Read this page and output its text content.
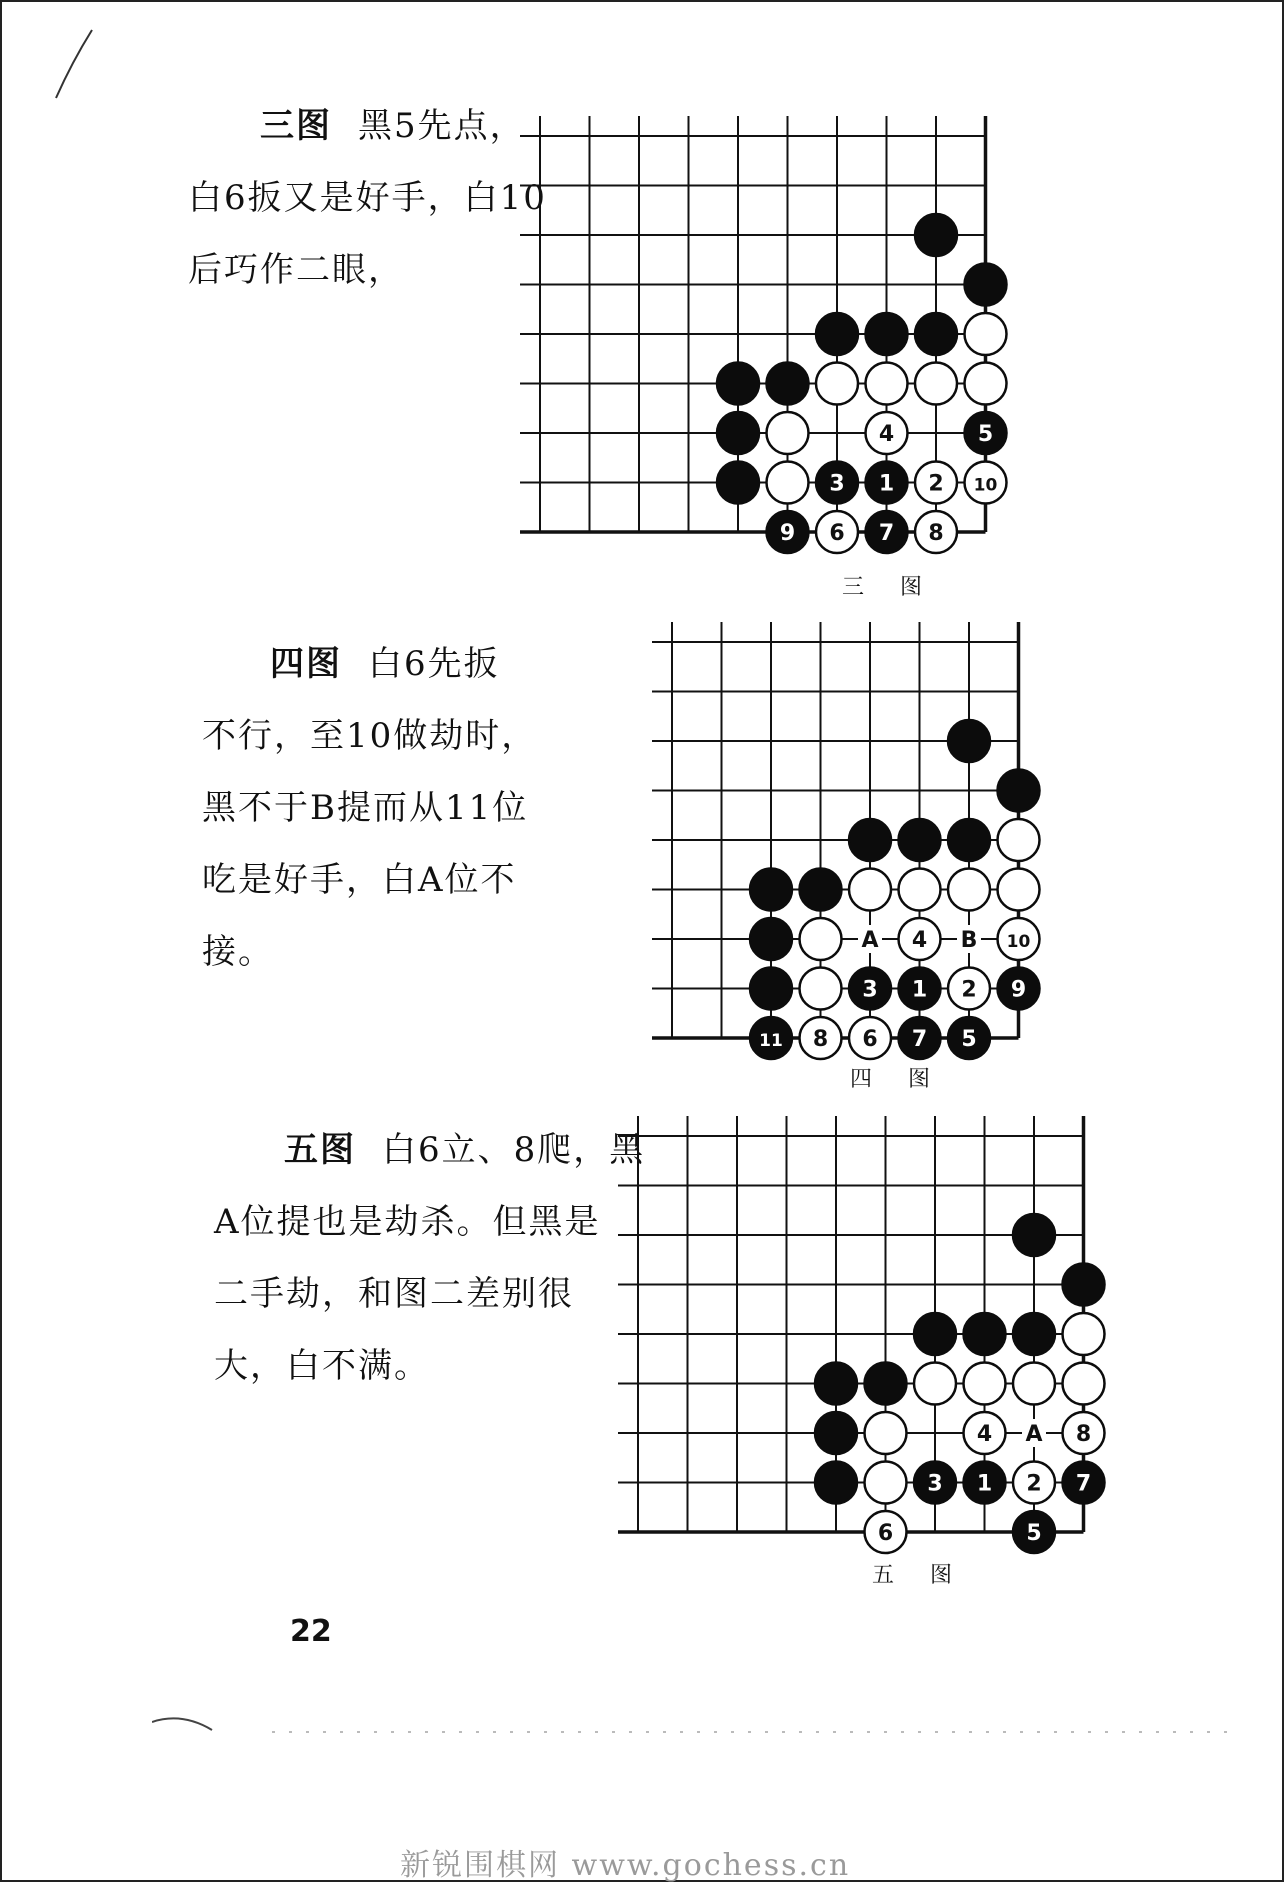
三图 黑5先点，
白6扳又是好手，白10
后巧作二眼，
四图 白6先扳
不行，至10做劫时，
黑不于B提而从11位
吃是好手，白A位不
接。
五图 白6立、8爬，黑
A位提也是劫杀。但黑是
二手劫，和图二差别很
大，白不满。
4	5
3 1 2 10
9 6 7 8
A	B
4	10
3 1 2 9
11 8 6 7 5
A
4	8
3 1 2 7
6	5
三图
四图
五图
22
新锐围棋网 www.gochess.cn
